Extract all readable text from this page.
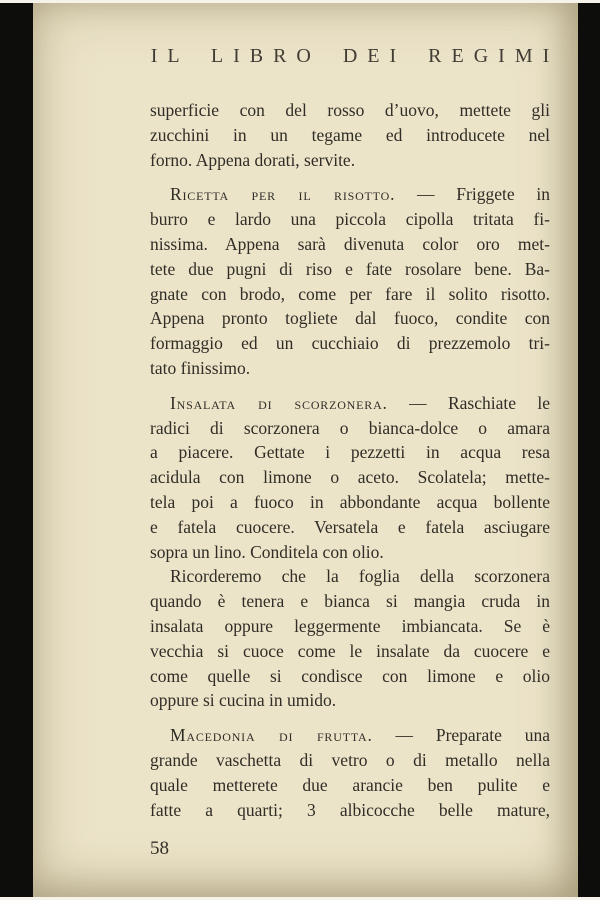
IL LIBRO DEI REGIMI
superficie con del rosso d’uovo, mettete gli
zucchini in un tegame ed introducete nel
forno. Appena dorati, servite.
Ricetta per il risotto. — Friggete in
burro e lardo una piccola cipolla tritata fi-
nissima. Appena sarà divenuta color oro met-
tete due pugni di riso e fate rosolare bene. Ba-
gnate con brodo, come per fare il solito risotto.
Appena pronto togliete dal fuoco, condite con
formaggio ed un cucchiaio di prezzemolo tri-
tato finissimo.
Insalata di scorzonera. — Raschiate le
radici di scorzonera o bianca-dolce o amara
a piacere. Gettate i pezzetti in acqua resa
acidula con limone o aceto. Scolatela; mette-
tela poi a fuoco in abbondante acqua bollente
e fatela cuocere. Versatela e fatela asciugare
sopra un lino. Conditela con olio.
Ricorderemo che la foglia della scorzonera
quando è tenera e bianca si mangia cruda in
insalata oppure leggermente imbiancata. Se è
vecchia si cuoce come le insalate da cuocere e
come quelle si condisce con limone e olio
oppure si cucina in umido.
Macedonia di frutta. — Preparate una
grande vaschetta di vetro o di metallo nella
quale metterete due arancie ben pulite e
fatte a quarti; 3 albicocche belle mature,
58
